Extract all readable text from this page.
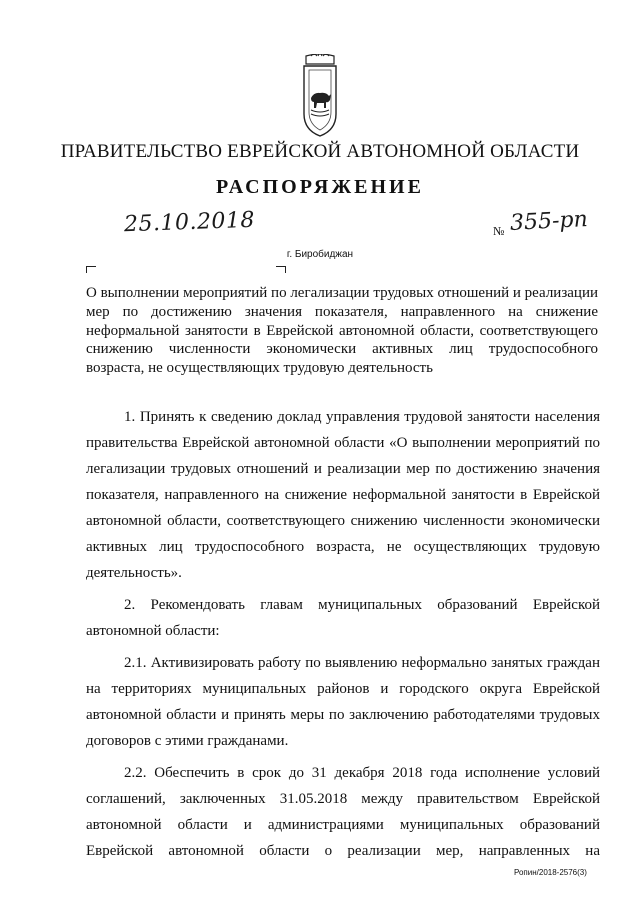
ПРАВИТЕЛЬСТВО ЕВРЕЙСКОЙ АВТОНОМНОЙ ОБЛАСТИ
РАСПОРЯЖЕНИЕ
25.10.2018	№ 355-рп
г. Биробиджан
О выполнении мероприятий по легализации трудовых отношений и реализации мер по достижению значения показателя, направленного на снижение неформальной занятости в Еврейской автономной области, соответствующего снижению численности экономически активных лиц трудоспособного возраста, не осуществляющих трудовую деятельность

1. Принять к сведению доклад управления трудовой занятости населения правительства Еврейской автономной области «О выполнении мероприятий по легализации трудовых отношений и реализации мер по достижению значения показателя, направленного на снижение неформальной занятости в Еврейской автономной области, соответствующего снижению численности экономически активных лиц трудоспособного возраста, не осуществляющих трудовую деятельность».

2. Рекомендовать главам муниципальных образований Еврейской автономной области:

2.1. Активизировать работу по выявлению неформально занятых граждан на территориях муниципальных районов и городского округа Еврейской автономной области и принять меры по заключению работодателями трудовых договоров с этими гражданами.

2.2. Обеспечить в срок до 31 декабря 2018 года исполнение условий соглашений, заключенных 31.05.2018 между правительством Еврейской автономной области и администрациями муниципальных образований Еврейской автономной области о реализации мер, направленных на

Ропин/2018-2576(3)
